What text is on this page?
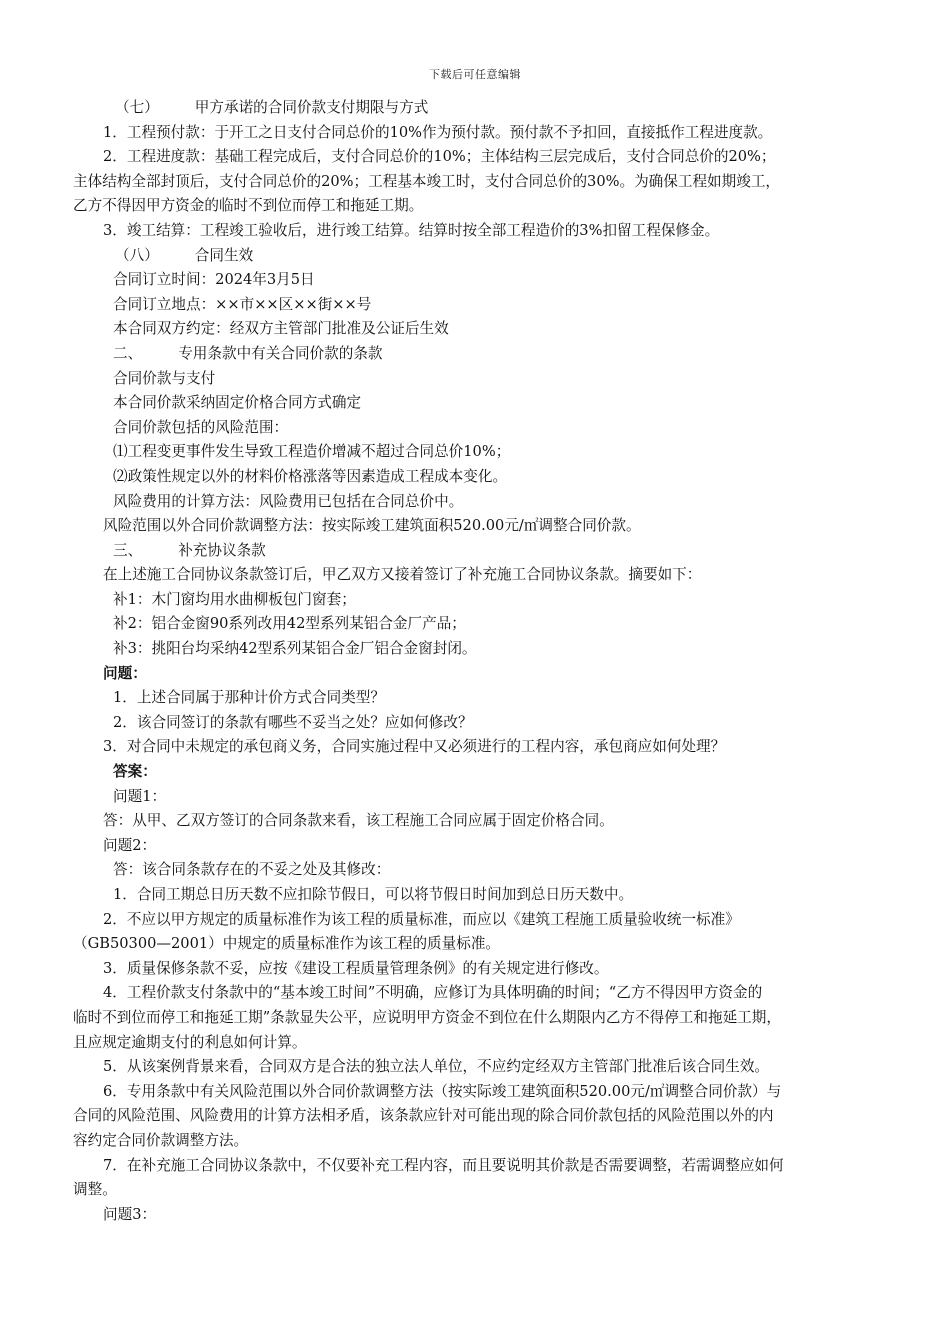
下载后可任意编辑
（七） 甲方承诺的合同价款支付期限与方式
1．工程预付款：于开工之日支付合同总价的10%作为预付款。预付款不予扣回，直接抵作工程进度款。
2．工程进度款：基础工程完成后，支付合同总价的10%；主体结构三层完成后，支付合同总价的20%；
主体结构全部封顶后，支付合同总价的20%；工程基本竣工时，支付合同总价的30%。为确保工程如期竣工，
乙方不得因甲方资金的临时不到位而停工和拖延工期。
3．竣工结算：工程竣工验收后，进行竣工结算。结算时按全部工程造价的3%扣留工程保修金。
（八） 合同生效
合同订立时间：2024年3月5日
合同订立地点：××市××区××街××号
本合同双方约定：经双方主管部门批准及公证后生效
二、 专用条款中有关合同价款的条款
合同价款与支付
本合同价款采纳固定价格合同方式确定
合同价款包括的风险范围：
⑴工程变更事件发生导致工程造价增减不超过合同总价10%；
⑵政策性规定以外的材料价格涨落等因素造成工程成本变化。
风险费用的计算方法：风险费用已包括在合同总价中。
风险范围以外合同价款调整方法：按实际竣工建筑面积520.00元/㎡调整合同价款。
三、 补充协议条款
在上述施工合同协议条款签订后，甲乙双方又接着签订了补充施工合同协议条款。摘要如下：
补1：木门窗均用水曲柳板包门窗套；
补2：铝合金窗90系列改用42型系列某铝合金厂产品；
补3：挑阳台均采纳42型系列某铝合金厂铝合金窗封闭。
问题：
1．上述合同属于那种计价方式合同类型？
2．该合同签订的条款有哪些不妥当之处？应如何修改？
3．对合同中未规定的承包商义务，合同实施过程中又必须进行的工程内容，承包商应如何处理？
答案：
问题1：
答：从甲、乙双方签订的合同条款来看，该工程施工合同应属于固定价格合同。
问题2：
答：该合同条款存在的不妥之处及其修改：
1．合同工期总日历天数不应扣除节假日，可以将节假日时间加到总日历天数中。
2．不应以甲方规定的质量标准作为该工程的质量标准，而应以《建筑工程施工质量验收统一标准》
（GB50300—2001）中规定的质量标准作为该工程的质量标准。
3．质量保修条款不妥，应按《建设工程质量管理条例》的有关规定进行修改。
4．工程价款支付条款中的“基本竣工时间”不明确，应修订为具体明确的时间；“乙方不得因甲方资金的
临时不到位而停工和拖延工期”条款显失公平，应说明甲方资金不到位在什么期限内乙方不得停工和拖延工期，
且应规定逾期支付的利息如何计算。
5．从该案例背景来看，合同双方是合法的独立法人单位，不应约定经双方主管部门批准后该合同生效。
6．专用条款中有关风险范围以外合同价款调整方法（按实际竣工建筑面积520.00元/㎡调整合同价款）与
合同的风险范围、风险费用的计算方法相矛盾，该条款应针对可能出现的除合同价款包括的风险范围以外的内
容约定合同价款调整方法。
7．在补充施工合同协议条款中，不仅要补充工程内容，而且要说明其价款是否需要调整，若需调整应如何
调整。
问题3：
